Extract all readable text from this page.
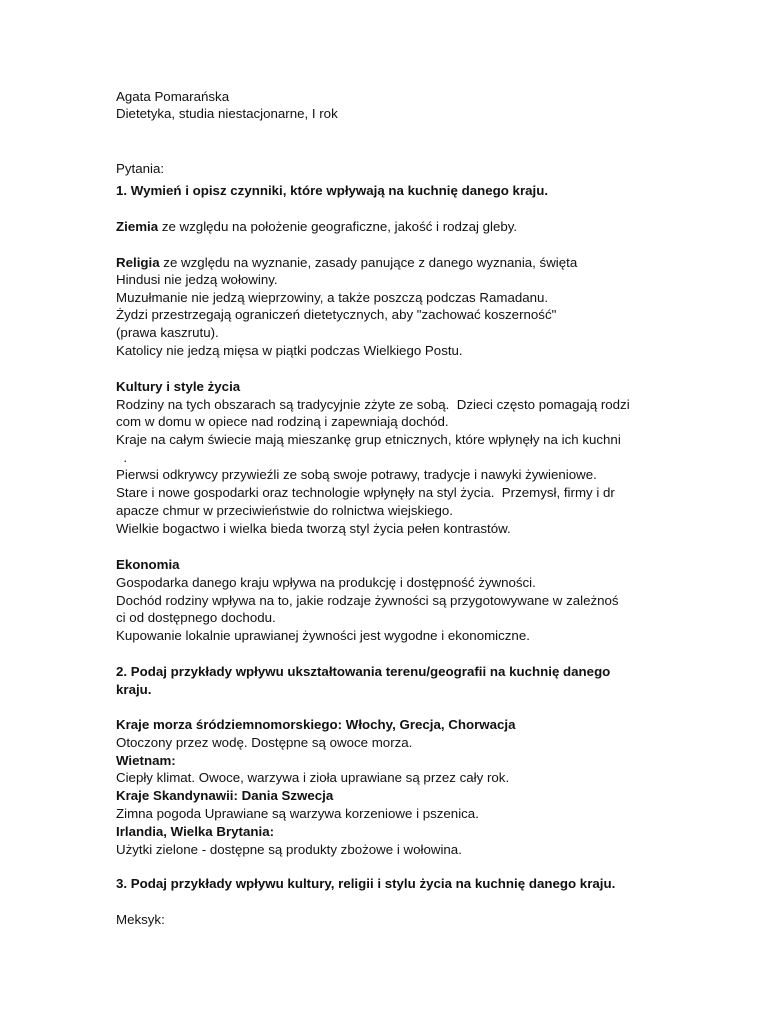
Agata Pomarańska
Dietetyka, studia niestacjonarne, I rok
Pytania:
1. Wymień i opisz czynniki, które wpływają na kuchnię danego kraju.
Ziemia ze względu na położenie geograficzne, jakość i rodzaj gleby.
Religia ze względu na wyznanie, zasady panujące z danego wyznania, święta
Hindusi nie jedzą wołowiny.
Muzułmanie nie jedzą wieprzowiny, a także poszczą podczas Ramadanu.
Żydzi przestrzegają ograniczeń dietetycznych, aby "zachować koszerność"
(prawa kaszrutu).
Katolicy nie jedzą mięsa w piątki podczas Wielkiego Postu.
Kultury i style życia
Rodziny na tych obszarach są tradycyjnie zżyte ze sobą.  Dzieci często pomagają rodzi
com w domu w opiece nad rodziną i zapewniają dochód.
Kraje na całym świecie mają mieszankę grup etnicznych, które wpłynęły na ich kuchni
.
Pierwsi odkrywcy przywieźli ze sobą swoje potrawy, tradycje i nawyki żywieniowe.
Stare i nowe gospodarki oraz technologie wpłynęły na styl życia.  Przemysł, firmy i dr
apacze chmur w przeciwieństwie do rolnictwa wiejskiego.
Wielkie bogactwo i wielka bieda tworzą styl życia pełen kontrastów.
Ekonomia
Gospodarka danego kraju wpływa na produkcję i dostępność żywności.
Dochód rodziny wpływa na to, jakie rodzaje żywności są przygotowywane w zależnoś
ci od dostępnego dochodu.
Kupowanie lokalnie uprawianej żywności jest wygodne i ekonomiczne.
2. Podaj przykłady wpływu ukształtowania terenu/geografii na kuchnię danego
kraju.
Kraje morza śródziemnomorskiego: Włochy, Grecja, Chorwacja
Otoczony przez wodę. Dostępne są owoce morza.
Wietnam:
Ciepły klimat. Owoce, warzywa i zioła uprawiane są przez cały rok.
Kraje Skandynawii: Dania Szwecja
Zimna pogoda Uprawiane są warzywa korzeniowe i pszenica.
Irlandia, Wielka Brytania:
Użytki zielone - dostępne są produkty zbożowe i wołowina.
3. Podaj przykłady wpływu kultury, religii i stylu życia na kuchnię danego kraju.
Meksyk:
